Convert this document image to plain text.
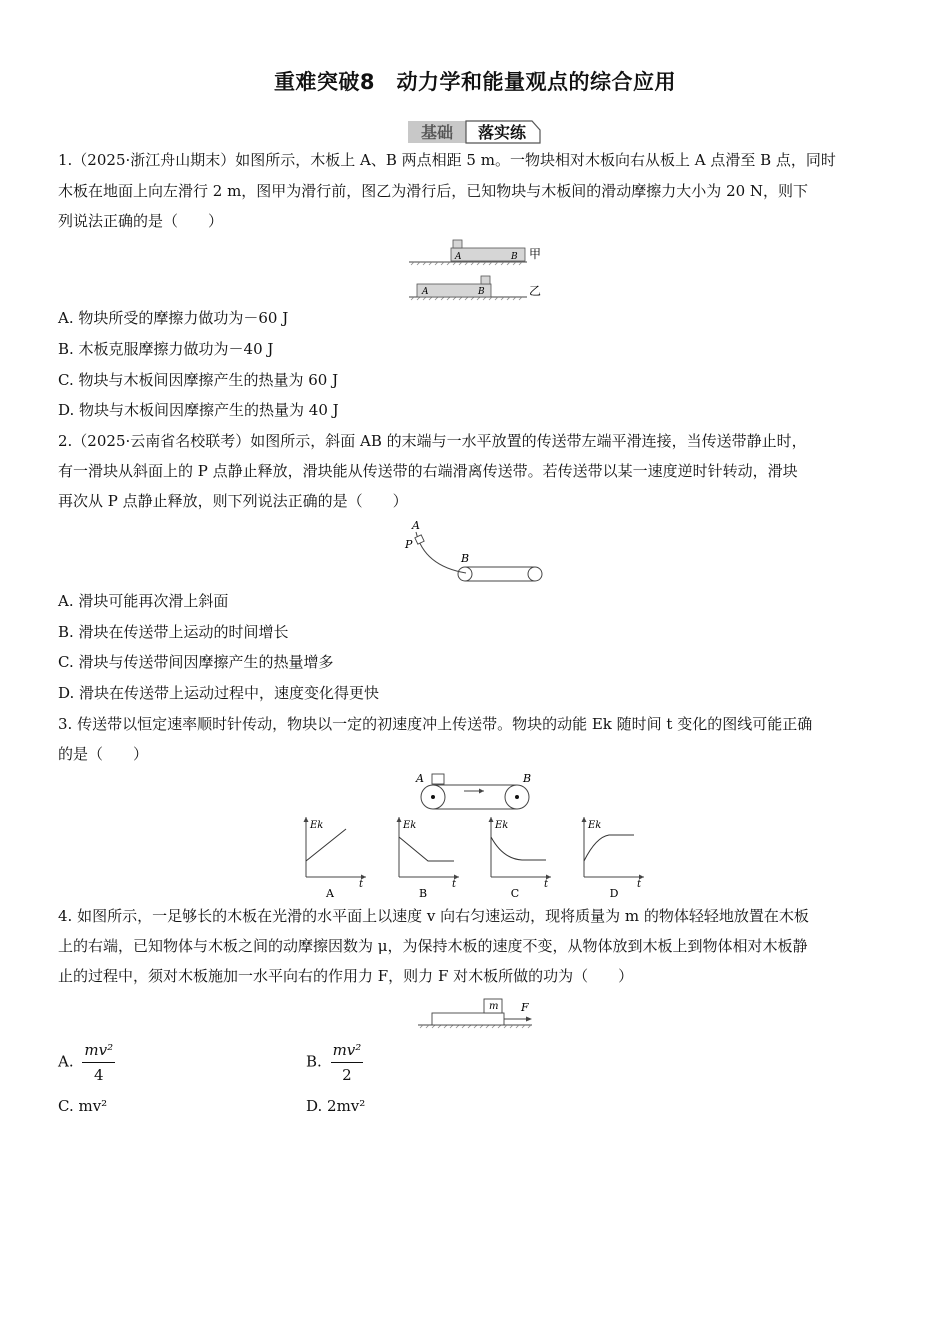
重难突破8　动力学和能量观点的综合应用
基础 落实练
1.（2025·浙江舟山期末）如图所示，木板上 A、B 两点相距 5 m。一物块相对木板向右从板上 A 点滑至 B 点，同时
木板在地面上向左滑行 2 m，图甲为滑行前，图乙为滑行后，已知物块与木板间的滑动摩擦力大小为 20 N，则下
列说法正确的是（　　）
A	B 甲
A	B	乙
A. 物块所受的摩擦力做功为－60 J
B. 木板克服摩擦力做功为－40 J
C. 物块与木板间因摩擦产生的热量为 60 J
D. 物块与木板间因摩擦产生的热量为 40 J
2.（2025·云南省名校联考）如图所示，斜面 AB 的末端与一水平放置的传送带左端平滑连接，当传送带静止时，
有一滑块从斜面上的 P 点静止释放，滑块能从传送带的右端滑离传送带。若传送带以某一速度逆时针转动，滑块
再次从 P 点静止释放，则下列说法正确的是（　　）
A
P
B
A. 滑块可能再次滑上斜面
B. 滑块在传送带上运动的时间增长
C. 滑块与传送带间因摩擦产生的热量增多
D. 滑块在传送带上运动过程中，速度变化得更快
3. 传送带以恒定速率顺时针传动，物块以一定的初速度冲上传送带。物块的动能 Ek 随时间 t 变化的图线可能正确
的是（　　）
A	B
Ek
t
A
Ek
t
B
Ek
t
C
Ek
t
D
4. 如图所示，一足够长的木板在光滑的水平面上以速度 v 向右匀速运动，现将质量为 m 的物体轻轻地放置在木板
上的右端，已知物体与木板之间的动摩擦因数为 μ，为保持木板的速度不变，从物体放到木板上到物体相对木板静
止的过程中，须对木板施加一水平向右的作用力 F，则力 F 对木板所做的功为（　　）
m F
A. $\frac{\text{mv²}}{4}$	B. $\frac{\text{mv²}}{2}$
C. mv²	D. 2mv²
